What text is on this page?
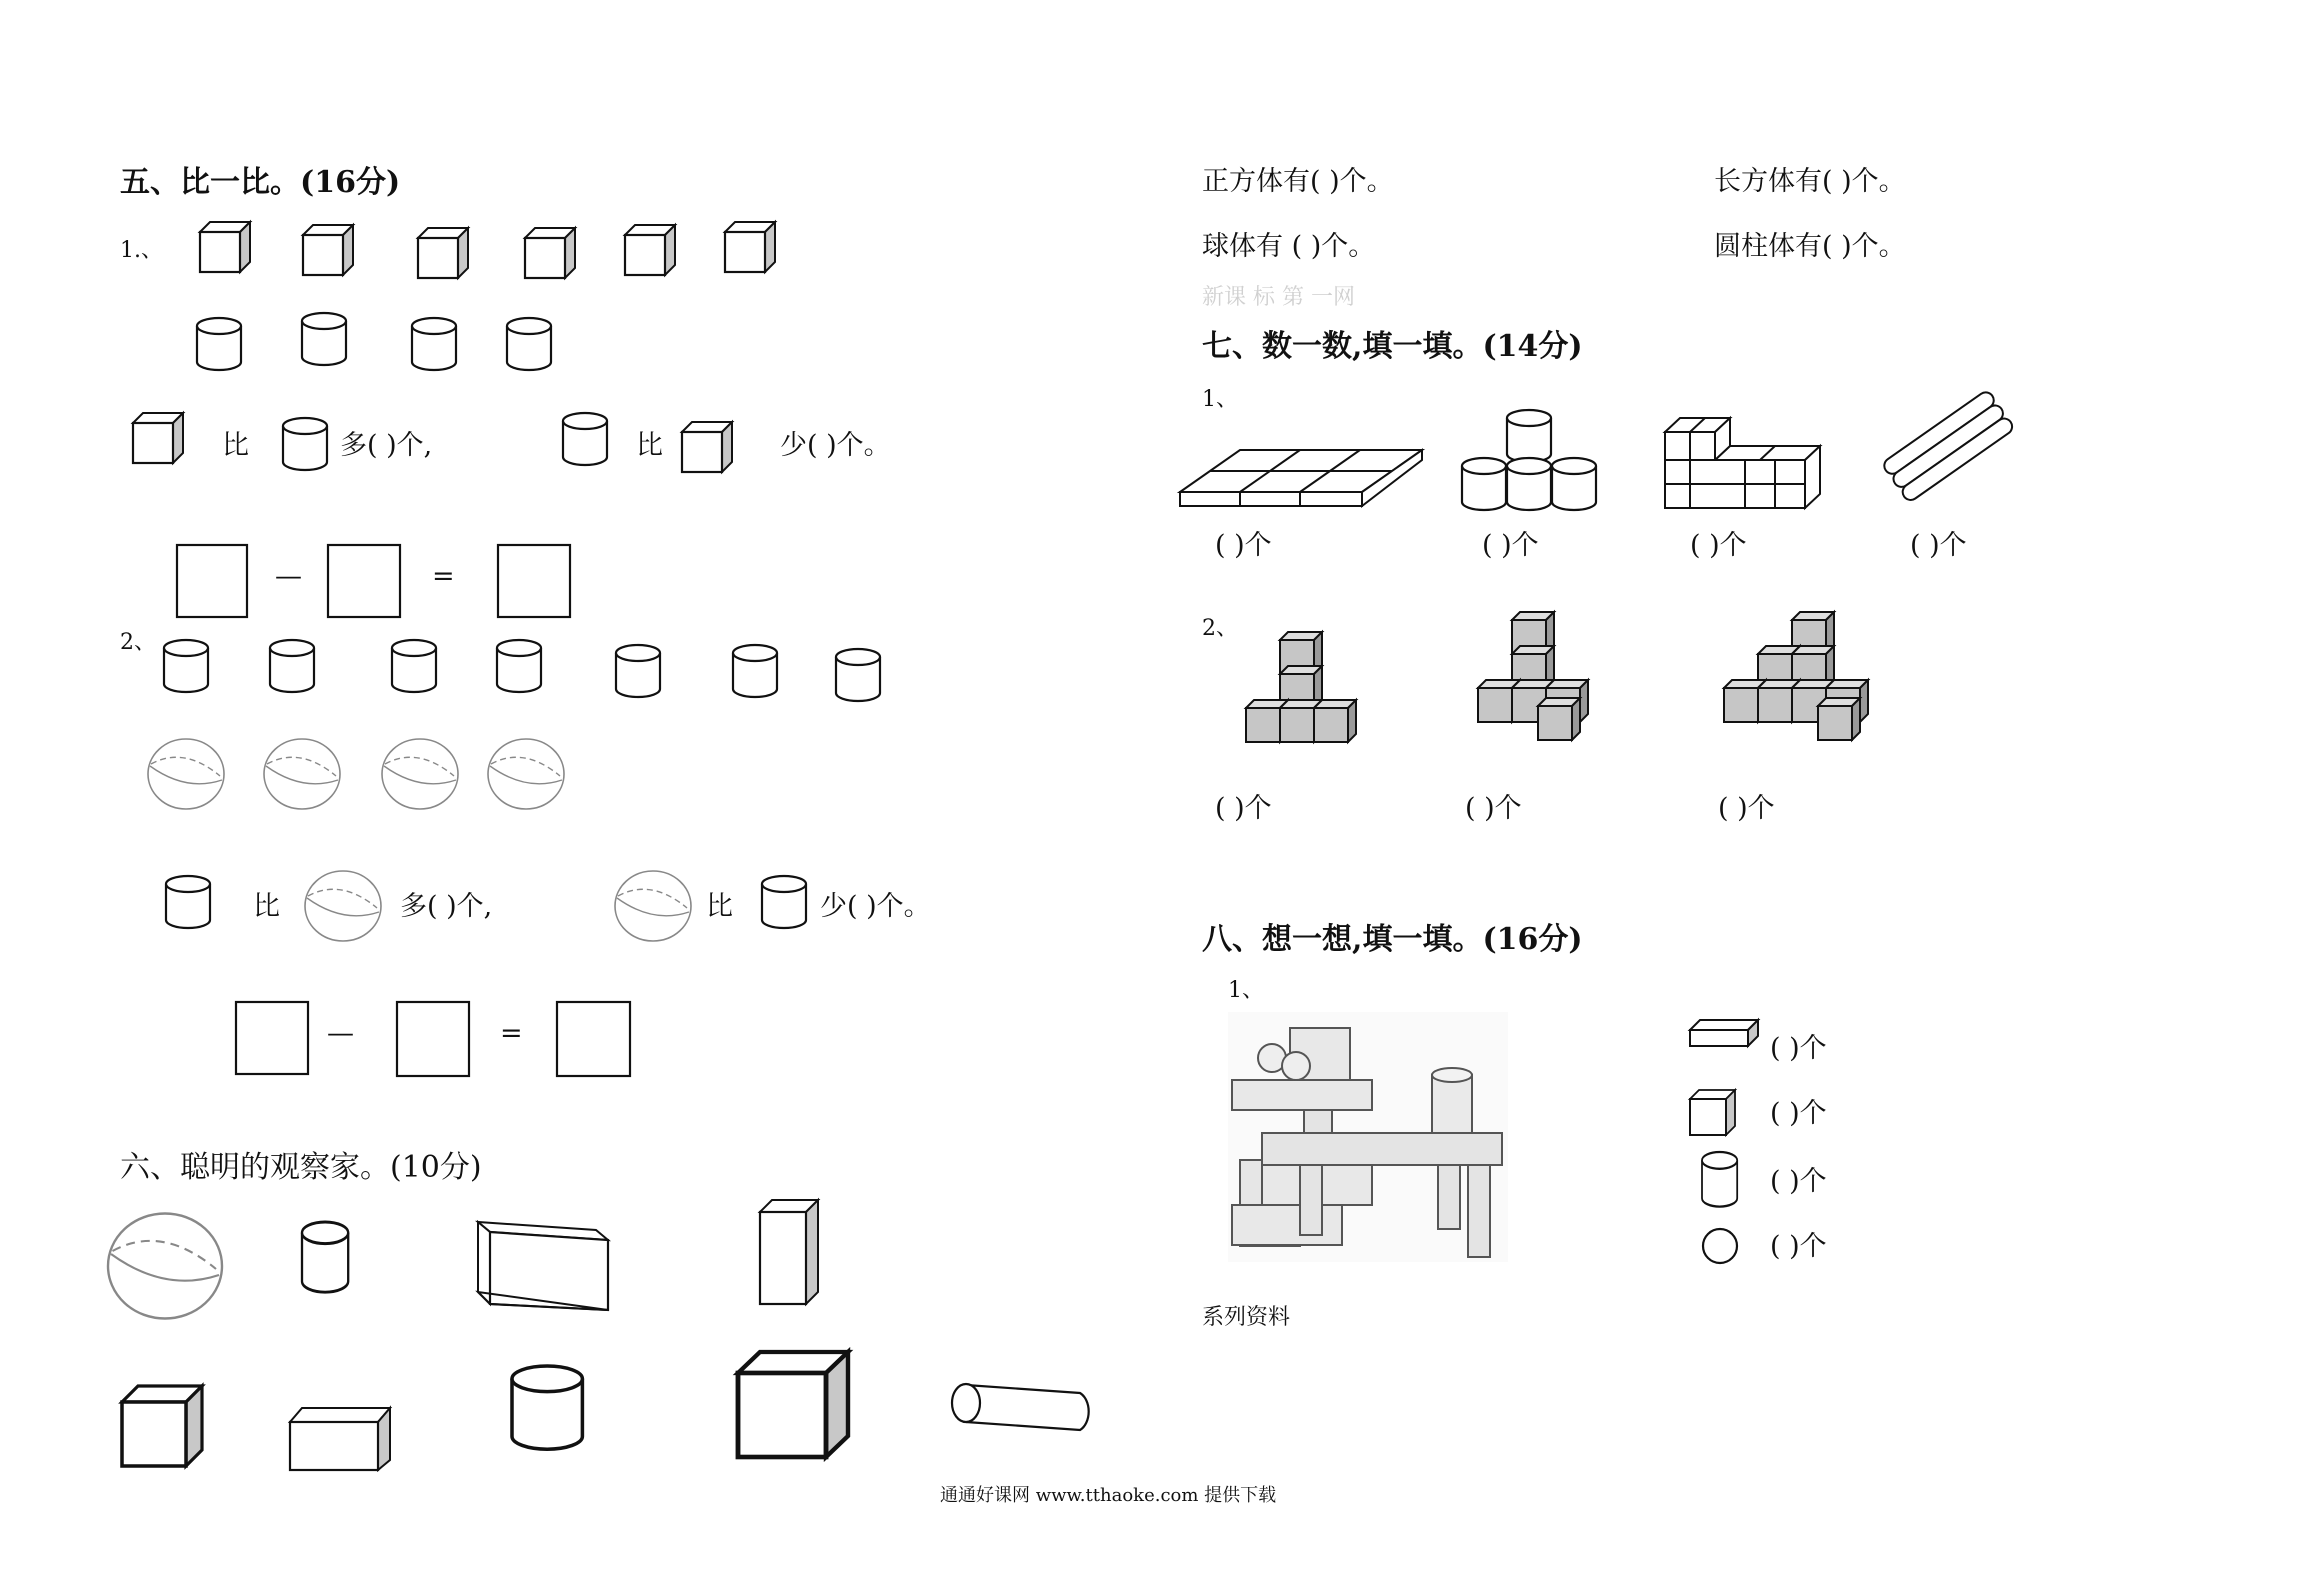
五、比一比。(16分)
1.、
比	多( )个,	比	少( )个。
—	=
2、
比	多( )个,	比	少( )个。
—	=
六、聪明的观察家。(10分)
正方体有( )个。	长方体有( )个。
球体有 ( )个。	圆柱体有( )个。
新课 标 第 一网
七、数一数,填一填。(14分)
1、
( )个	( )个	( )个	( )个
2、
( )个	( )个	( )个
八、想一想,填一填。(16分)
1、
( )个
( )个
( )个
( )个
系列资料
通通好课网 www.tthaoke.com 提供下载
